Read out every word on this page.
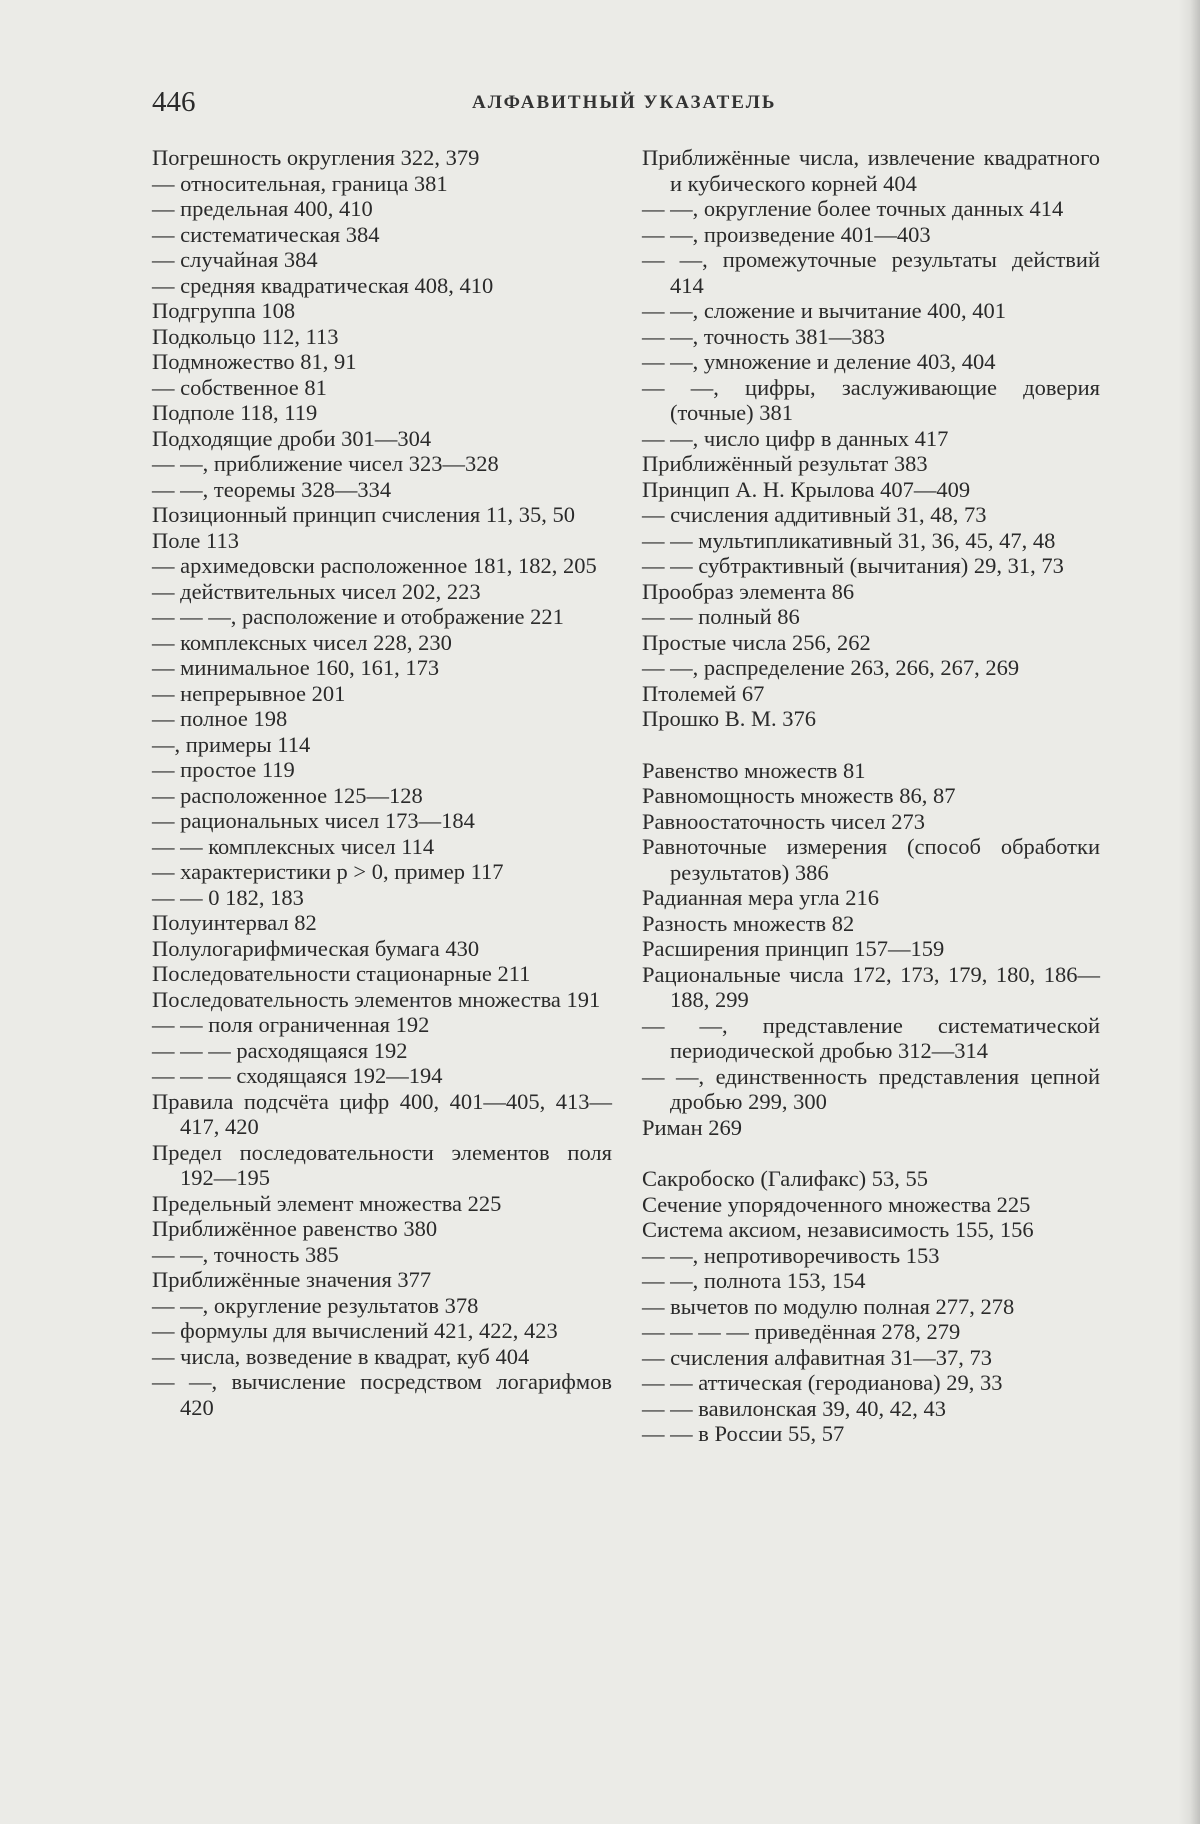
446	АЛФАВИТНЫЙ УКАЗАТЕЛЬ
Погрешность округления 322, 379
— относительная, граница 381
— предельная 400, 410
— систематическая 384
— случайная 384
— средняя квадратическая 408, 410
Подгруппа 108
Подкольцо 112, 113
Подмножество 81, 91
— собственное 81
Подполе 118, 119
Подходящие дроби 301—304
— —, приближение чисел 323—328
— —, теоремы 328—334
Позиционный принцип счисления 11, 35, 50
Поле 113
— архимедовски расположенное 181, 182, 205
— действительных чисел 202, 223
— — —, расположение и отображение 221
— комплексных чисел 228, 230
— минимальное 160, 161, 173
— непрерывное 201
— полное 198
—, примеры 114
— простое 119
— расположенное 125—128
— рациональных чисел 173—184
— — комплексных чисел 114
— характеристики p > 0, пример 117
— — 0 182, 183
Полуинтервал 82
Полулогарифмическая бумага 430
Последовательности стационарные 211
Последовательность элементов множества 191
— — поля ограниченная 192
— — — расходящаяся 192
— — — сходящаяся 192—194
Правила подсчёта цифр 400, 401—405, 413—417, 420
Предел последовательности элементов поля 192—195
Предельный элемент множества 225
Приближённое равенство 380
— —, точность 385
Приближённые значения 377
— —, округление результатов 378
— формулы для вычислений 421, 422, 423
— числа, возведение в квадрат, куб 404
— —, вычисление посредством логарифмов 420
Приближённые числа, извлечение квадратного и кубического корней 404
— —, округление более точных данных 414
— —, произведение 401—403
— —, промежуточные результаты действий 414
— —, сложение и вычитание 400, 401
— —, точность 381—383
— —, умножение и деление 403, 404
— —, цифры, заслуживающие доверия (точные) 381
— —, число цифр в данных 417
Приближённый результат 383
Принцип А. Н. Крылова 407—409
— счисления аддитивный 31, 48, 73
— — мультипликативный 31, 36, 45, 47, 48
— — субтрактивный (вычитания) 29, 31, 73
Прообраз элемента 86
— — полный 86
Простые числа 256, 262
— —, распределение 263, 266, 267, 269
Птолемей 67
Прошко В. М. 376
Равенство множеств 81
Равномощность множеств 86, 87
Равноостаточность чисел 273
Равноточные измерения (способ обработки результатов) 386
Радианная мера угла 216
Разность множеств 82
Расширения принцип 157—159
Рациональные числа 172, 173, 179, 180, 186—188, 299
— —, представление систематической периодической дробью 312—314
— —, единственность представления цепной дробью 299, 300
Риман 269
Сакробоско (Галифакс) 53, 55
Сечение упорядоченного множества 225
Система аксиом, независимость 155, 156
— —, непротиворечивость 153
— —, полнота 153, 154
— вычетов по модулю полная 277, 278
— — — — приведённая 278, 279
— счисления алфавитная 31—37, 73
— — аттическая (геродианова) 29, 33
— — вавилонская 39, 40, 42, 43
— — в России 55, 57
